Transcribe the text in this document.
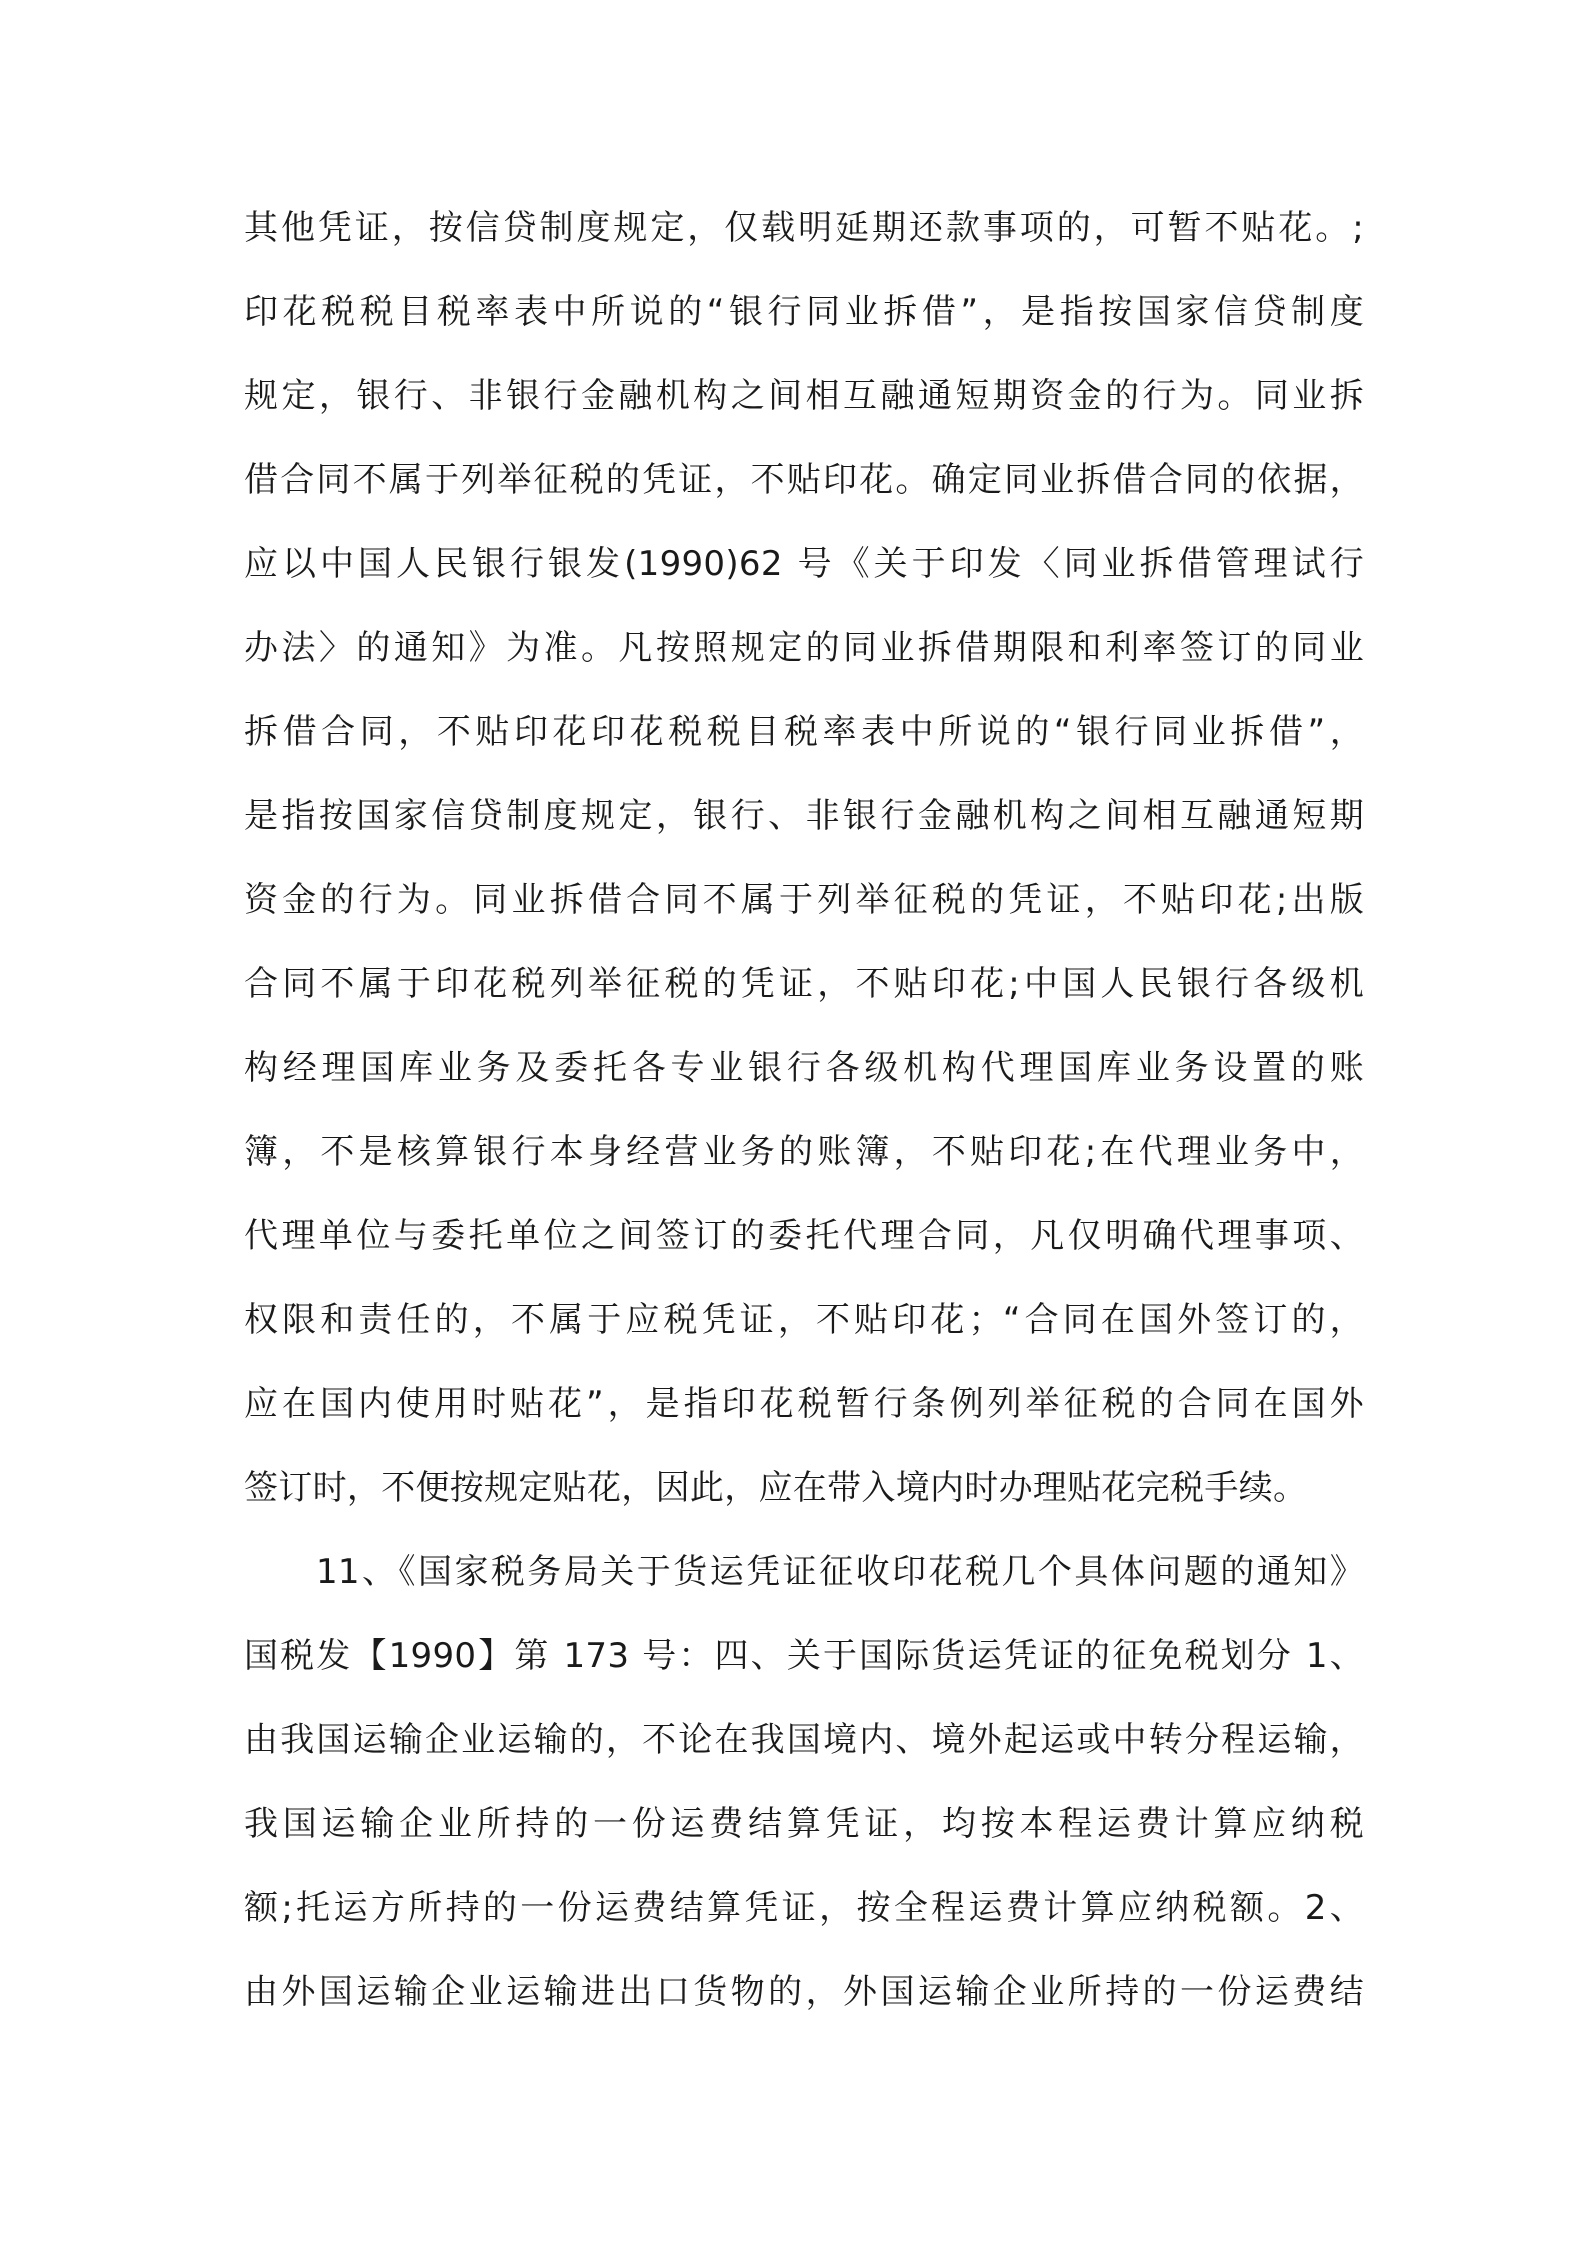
其他凭证，按信贷制度规定，仅载明延期还款事项的，可暂不贴花。;
印花税税目税率表中所说的“银行同业拆借”，是指按国家信贷制度
规定，银行、非银行金融机构之间相互融通短期资金的行为。同业拆
借合同不属于列举征税的凭证，不贴印花。确定同业拆借合同的依据，
应以中国人民银行银发(1990)62 号《关于印发〈同业拆借管理试行
办法〉的通知》为准。凡按照规定的同业拆借期限和利率签订的同业
拆借合同，不贴印花印花税税目税率表中所说的“银行同业拆借”，
是指按国家信贷制度规定，银行、非银行金融机构之间相互融通短期
资金的行为。同业拆借合同不属于列举征税的凭证，不贴印花;出版
合同不属于印花税列举征税的凭证，不贴印花;中国人民银行各级机
构经理国库业务及委托各专业银行各级机构代理国库业务设置的账
簿，不是核算银行本身经营业务的账簿，不贴印花;在代理业务中，
代理单位与委托单位之间签订的委托代理合同，凡仅明确代理事项、
权限和责任的，不属于应税凭证，不贴印花；“合同在国外签订的，
应在国内使用时贴花”，是指印花税暂行条例列举征税的合同在国外
签订时，不便按规定贴花，因此，应在带入境内时办理贴花完税手续。
11、《国家税务局关于货运凭证征收印花税几个具体问题的通知》
国税发【1990】第 173 号：四、关于国际货运凭证的征免税划分 1、
由我国运输企业运输的，不论在我国境内、境外起运或中转分程运输，
我国运输企业所持的一份运费结算凭证，均按本程运费计算应纳税
额;托运方所持的一份运费结算凭证，按全程运费计算应纳税额。2、
由外国运输企业运输进出口货物的，外国运输企业所持的一份运费结
